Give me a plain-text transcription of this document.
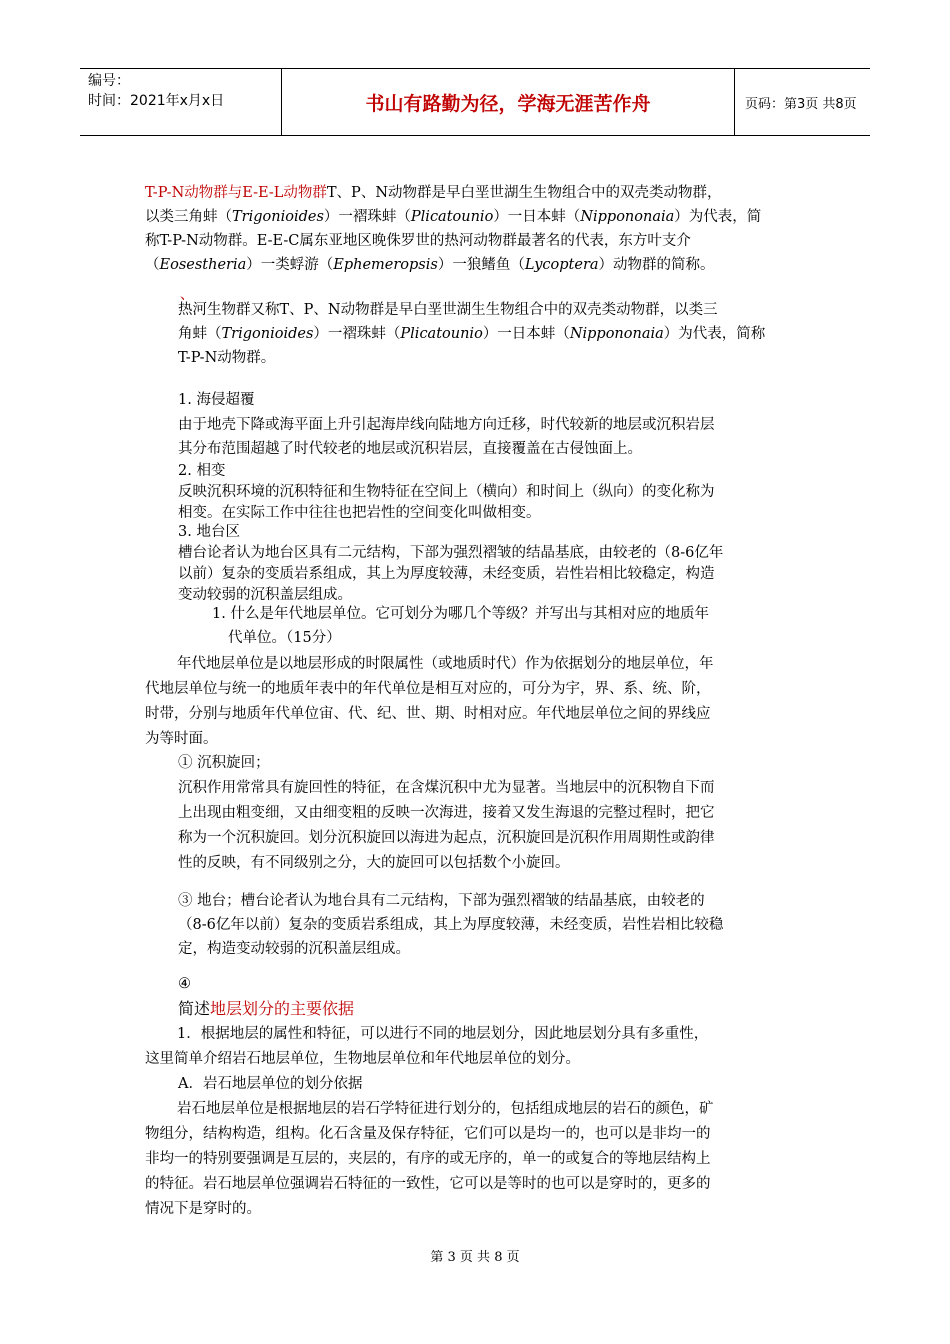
编号：
时间：2021年x月x日	书山有路勤为径，学海无涯苦作舟	页码：第3页 共8页
T-P-N动物群与E-E-L动物群T、P、N动物群是早白垩世湖生生物组合中的双壳类动物群，
以类三角蚌（Trigonioides）一褶珠蚌（Plicatounio）一日本蚌（Nippononaia）为代表，简
称T-P-N动物群。E-E-C属东亚地区晚侏罗世的热河动物群最著名的代表，东方叶支介
（Eosestheria）一类蜉游（Ephemeropsis）一狼鳍鱼（Lycoptera）动物群的简称。
、
热河生物群又称T、P、N动物群是早白垩世湖生生物组合中的双壳类动物群，以类三
角蚌（Trigonioides）一褶珠蚌（Plicatounio）一日本蚌（Nippononaia）为代表，简称
T-P-N动物群。
1. 海侵超覆
由于地壳下降或海平面上升引起海岸线向陆地方向迁移，时代较新的地层或沉积岩层
其分布范围超越了时代较老的地层或沉积岩层，直接覆盖在古侵蚀面上。
2. 相变
反映沉积环境的沉积特征和生物特征在空间上（横向）和时间上（纵向）的变化称为
相变。在实际工作中往往也把岩性的空间变化叫做相变。
3. 地台区
槽台论者认为地台区具有二元结构，下部为强烈褶皱的结晶基底，由较老的（8-6亿年
以前）复杂的变质岩系组成，其上为厚度较薄，未经变质，岩性岩相比较稳定，构造
变动较弱的沉积盖层组成。
1. 什么是年代地层单位。它可划分为哪几个等级？并写出与其相对应的地质年
代单位。（15分）
年代地层单位是以地层形成的时限属性（或地质时代）作为依据划分的地层单位，年
代地层单位与统一的地质年表中的年代单位是相互对应的，可分为宇，界、系、统、阶，
时带，分别与地质年代单位宙、代、纪、世、期、时相对应。年代地层单位之间的界线应
为等时面。
① 沉积旋回；
沉积作用常常具有旋回性的特征，在含煤沉积中尤为显著。当地层中的沉积物自下而
上出现由粗变细，又由细变粗的反映一次海进，接着又发生海退的完整过程时，把它
称为一个沉积旋回。划分沉积旋回以海进为起点，沉积旋回是沉积作用周期性或韵律
性的反映，有不同级别之分，大的旋回可以包括数个小旋回。
③ 地台；槽台论者认为地台具有二元结构，下部为强烈褶皱的结晶基底，由较老的
（8-6亿年以前）复杂的变质岩系组成，其上为厚度较薄，未经变质，岩性岩相比较稳
定，构造变动较弱的沉积盖层组成。
④
简述地层划分的主要依据
1．根据地层的属性和特征，可以进行不同的地层划分，因此地层划分具有多重性，
这里简单介绍岩石地层单位，生物地层单位和年代地层单位的划分。
A．岩石地层单位的划分依据
岩石地层单位是根据地层的岩石学特征进行划分的，包括组成地层的岩石的颜色，矿
物组分，结构构造，组构。化石含量及保存特征，它们可以是均一的，也可以是非均一的
非均一的特别要强调是互层的，夹层的，有序的或无序的，单一的或复合的等地层结构上
的特征。岩石地层单位强调岩石特征的一致性，它可以是等时的也可以是穿时的，更多的
情况下是穿时的。
第 3 页 共 8 页
